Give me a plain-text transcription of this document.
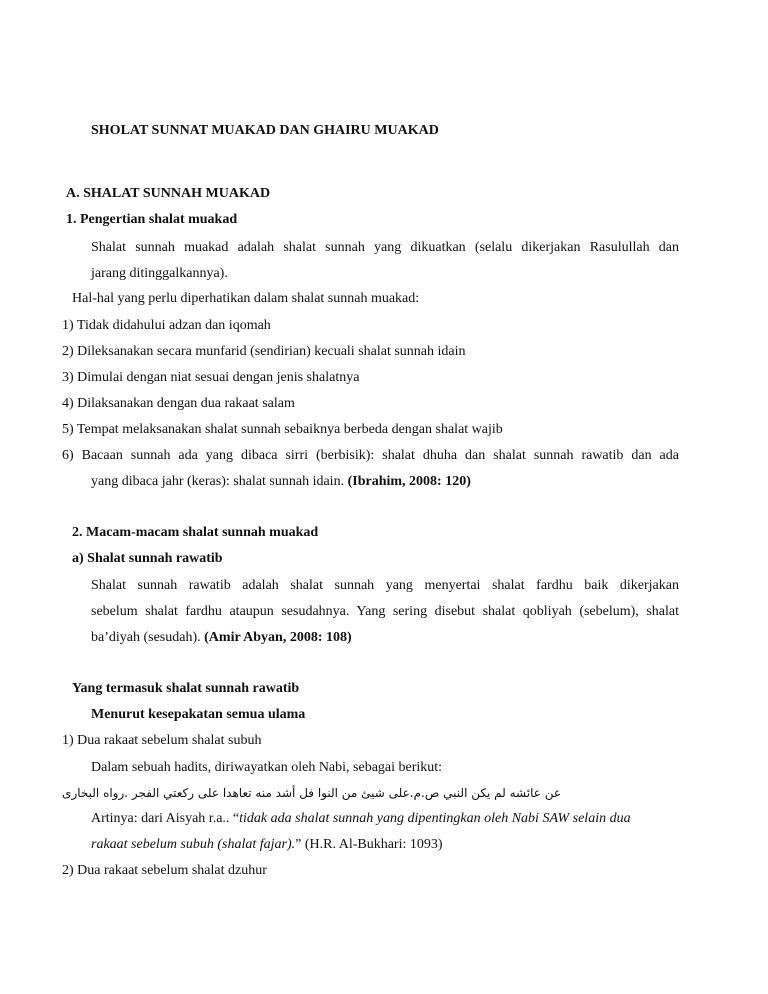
SHOLAT SUNNAT MUAKAD DAN GHAIRU MUAKAD
A. SHALAT SUNNAH MUAKAD
1. Pengertian shalat muakad
Shalat sunnah muakad adalah shalat sunnah yang dikuatkan (selalu dikerjakan Rasulullah dan
jarang ditinggalkannya).
Hal-hal yang perlu diperhatikan dalam shalat sunnah muakad:
1) Tidak didahului adzan dan iqomah
2) Dileksanakan secara munfarid (sendirian) kecuali shalat sunnah idain
3) Dimulai dengan niat sesuai dengan jenis shalatnya
4) Dilaksanakan dengan dua rakaat salam
5) Tempat melaksanakan shalat sunnah sebaiknya berbeda dengan shalat wajib
6) Bacaan sunnah ada yang dibaca sirri (berbisik): shalat dhuha dan shalat sunnah rawatib dan ada
yang dibaca jahr (keras): shalat sunnah idain. (Ibrahim, 2008: 120)
2. Macam-macam shalat sunnah muakad
a) Shalat sunnah rawatib
Shalat sunnah rawatib adalah shalat sunnah yang menyertai shalat fardhu baik dikerjakan
sebelum shalat fardhu ataupun sesudahnya. Yang sering disebut shalat qobliyah (sebelum), shalat
ba’diyah (sesudah). (Amir Abyan, 2008: 108)
Yang termasuk shalat sunnah rawatib
Menurut kesepakatan semua ulama
1) Dua rakaat sebelum shalat subuh
Dalam sebuah hadits, diriwayatkan oleh Nabi, sebagai berikut:
عن عائشه لم يكن النبي ص.م.على شيئ من النوا فل أشد منه تعاهدا على ركعتي الفجر .رواه البخارى
Artinya: dari Aisyah r.a.. “tidak ada shalat sunnah yang dipentingkan oleh Nabi SAW selain dua
rakaat sebelum subuh (shalat fajar).” (H.R. Al-Bukhari: 1093)
2) Dua rakaat sebelum shalat dzuhur
